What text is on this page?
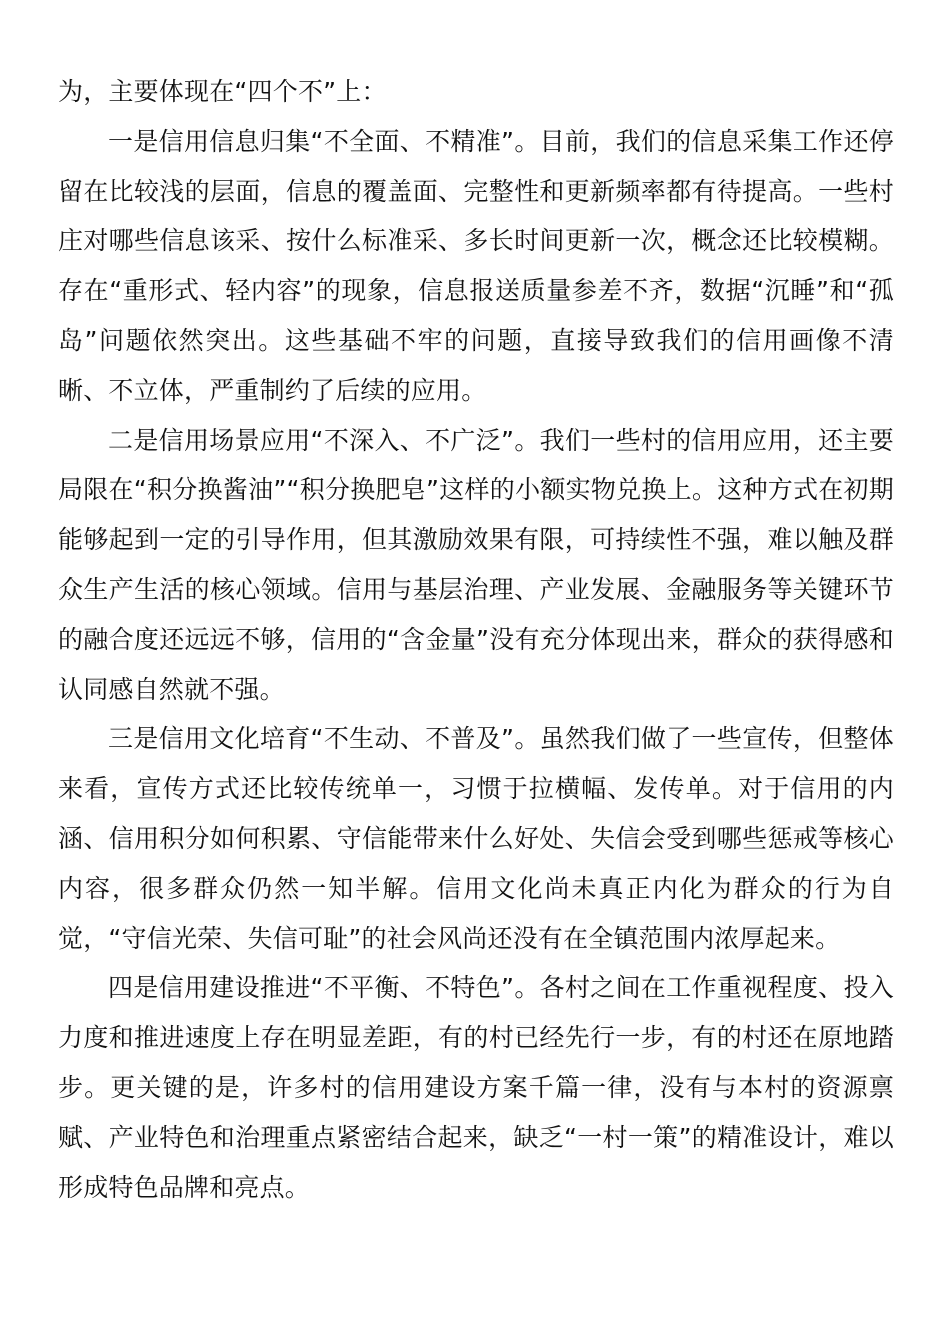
为，主要体现在“四个不”上：

一是信用信息归集“不全面、不精准”。目前，我们的信息采集工作还停留在比较浅的层面，信息的覆盖面、完整性和更新频率都有待提高。一些村庄对哪些信息该采、按什么标准采、多长时间更新一次，概念还比较模糊。存在“重形式、轻内容”的现象，信息报送质量参差不齐，数据“沉睡”和“孤岛”问题依然突出。这些基础不牢的问题，直接导致我们的信用画像不清晰、不立体，严重制约了后续的应用。

二是信用场景应用“不深入、不广泛”。我们一些村的信用应用，还主要局限在“积分换酱油”“积分换肥皂”这样的小额实物兑换上。这种方式在初期能够起到一定的引导作用，但其激励效果有限，可持续性不强，难以触及群众生产生活的核心领域。信用与基层治理、产业发展、金融服务等关键环节的融合度还远远不够，信用的“含金量”没有充分体现出来，群众的获得感和认同感自然就不强。

三是信用文化培育“不生动、不普及”。虽然我们做了一些宣传，但整体来看，宣传方式还比较传统单一，习惯于拉横幅、发传单。对于信用的内涵、信用积分如何积累、守信能带来什么好处、失信会受到哪些惩戒等核心内容，很多群众仍然一知半解。信用文化尚未真正内化为群众的行为自觉，“守信光荣、失信可耻”的社会风尚还没有在全镇范围内浓厚起来。

四是信用建设推进“不平衡、不特色”。各村之间在工作重视程度、投入力度和推进速度上存在明显差距，有的村已经先行一步，有的村还在原地踏步。更关键的是，许多村的信用建设方案千篇一律，没有与本村的资源禀赋、产业特色和治理重点紧密结合起来，缺乏“一村一策”的精准设计，难以形成特色品牌和亮点。
